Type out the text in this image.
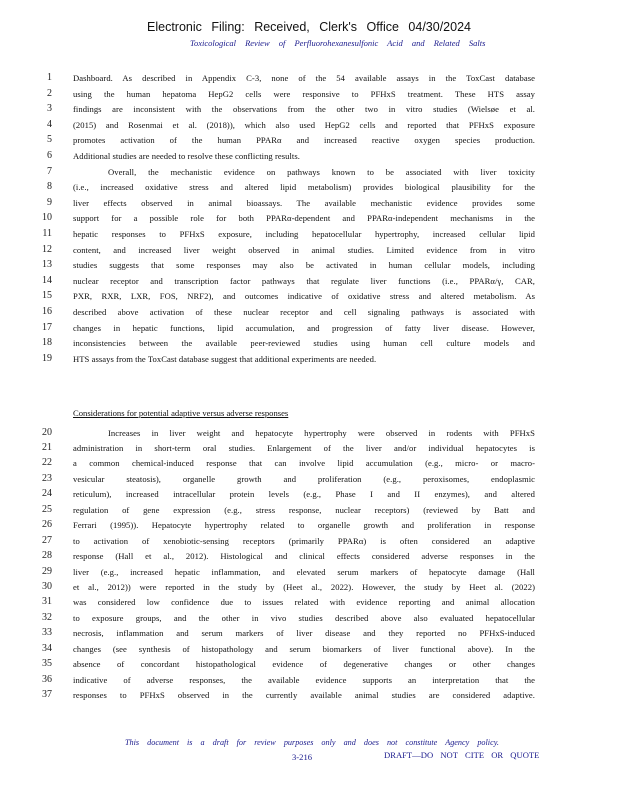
Electronic Filing: Received, Clerk's Office 04/30/2024
Toxicological Review of Perfluorohexanesulfonic Acid and Related Salts
1 Dashboard. As described in Appendix C-3, none of the 54 available assays in the ToxCast database
2 using the human hepatoma HepG2 cells were responsive to PFHxS treatment. These HTS assay
3 findings are inconsistent with the observations from the other two in vitro studies (Wielsøe et al.
4 (2015) and Rosenmai et al. (2018)), which also used HepG2 cells and reported that PFHxS exposure
5 promotes activation of the human PPARα and increased reactive oxygen species production.
6 Additional studies are needed to resolve these conflicting results.
7	Overall, the mechanistic evidence on pathways known to be associated with liver toxicity
8 (i.e., increased oxidative stress and altered lipid metabolism) provides biological plausibility for the
9 liver effects observed in animal bioassays. The available mechanistic evidence provides some
10 support for a possible role for both PPARα-dependent and PPARα-independent mechanisms in the
11 hepatic responses to PFHxS exposure, including hepatocellular hypertrophy, increased cellular lipid
12 content, and increased liver weight observed in animal studies. Limited evidence from in vitro
13 studies suggests that some responses may also be activated in human cellular models, including
14 nuclear receptor and transcription factor pathways that regulate liver functions (i.e., PPARα/γ, CAR,
15 PXR, RXR, LXR, FOS, NRF2), and outcomes indicative of oxidative stress and altered metabolism. As
16 described above activation of these nuclear receptor and cell signaling pathways is associated with
17 changes in hepatic functions, lipid accumulation, and progression of fatty liver disease. However,
18 inconsistencies between the available peer-reviewed studies using human cell culture models and
19 HTS assays from the ToxCast database suggest that additional experiments are needed.
20	Increases in liver weight and hepatocyte hypertrophy were observed in rodents with PFHxS
21 administration in short-term oral studies. Enlargement of the liver and/or individual hepatocytes is
22 a common chemical-induced response that can involve lipid accumulation (e.g., micro- or macro-
23 vesicular steatosis), organelle growth and proliferation (e.g., peroxisomes, endoplasmic
24 reticulum), increased intracellular protein levels (e.g., Phase I and II enzymes), and altered
25 regulation of gene expression (e.g., stress response, nuclear receptors) (reviewed by Batt and
26 Ferrari (1995)). Hepatocyte hypertrophy related to organelle growth and proliferation in response
27 to activation of xenobiotic-sensing receptors (primarily PPARα) is often considered an adaptive
28 response (Hall et al., 2012). Histological and clinical effects considered adverse responses in the
29 liver (e.g., increased hepatic inflammation, and elevated serum markers of hepatocyte damage (Hall
30 et al., 2012)) were reported in the study by (Heet al., 2022). However, the study by Heet al. (2022)
31 was considered low confidence due to issues related with evidence reporting and animal allocation
32 to exposure groups, and the other in vivo studies described above also evaluated hepatocellular
33 necrosis, inflammation and serum markers of liver disease and they reported no PFHxS-induced
34 changes (see synthesis of histopathology and serum biomarkers of liver functional above). In the
35 absence of concordant histopathological evidence of degenerative changes or other changes
36 indicative of adverse responses, the available evidence supports an interpretation that the
37 responses to PFHxS observed in the currently available animal studies are considered adaptive.
Considerations for potential adaptive versus adverse responses
This document is a draft for review purposes only and does not constitute Agency policy.
3-216	DRAFT—DO NOT CITE OR QUOTE
